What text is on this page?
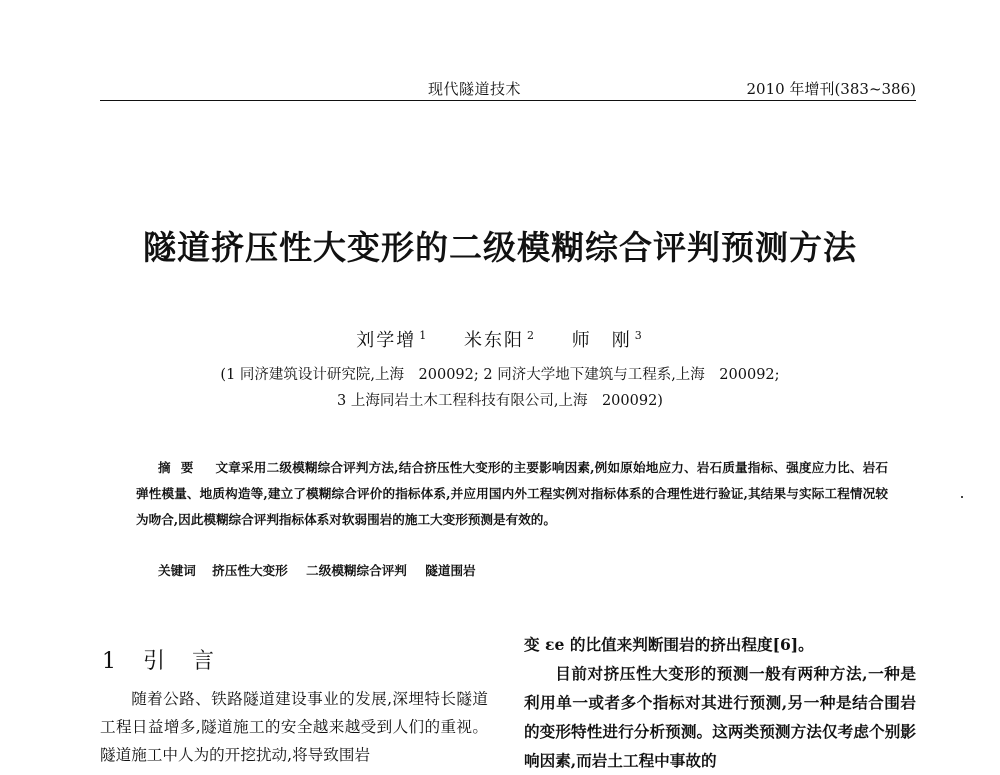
现代隧道技术	2010 年增刊(383~386)
隧道挤压性大变形的二级模糊综合评判预测方法
刘学增 $^1$ 米东阳 $^2$ 师　刚 $^3$
(1 同济建筑设计研究院,上海　200092; 2 同济大学地下建筑与工程系,上海　200092;
3 上海同岩土木工程科技有限公司,上海　200092)
摘要 文章采用二级模糊综合评判方法,结合挤压性大变形的主要影响因素,例如原始地应力、岩石质量指标、强度应力比、岩石弹性模量、地质构造等,建立了模糊综合评价的指标体系,并应用国内外工程实例对指标体系的合理性进行验证,其结果与实际工程情况较为吻合,因此模糊综合评判指标体系对软弱围岩的施工大变形预测是有效的。
关键词 挤压性大变形 二级模糊综合评判 隧道围岩
1 引 言

随着公路、铁路隧道建设事业的发展,深埋特长隧道工程日益增多,隧道施工的安全越来越受到人们的重视。隧道施工中人为的开挖扰动,将导致围岩

变 εe 的比值来判断围岩的挤出程度[6]。

目前对挤压性大变形的预测一般有两种方法,一种是利用单一或者多个指标对其进行预测,另一种是结合围岩的变形特性进行分析预测。这两类预测方法仅考虑个别影响因素,而岩土工程中事故的
